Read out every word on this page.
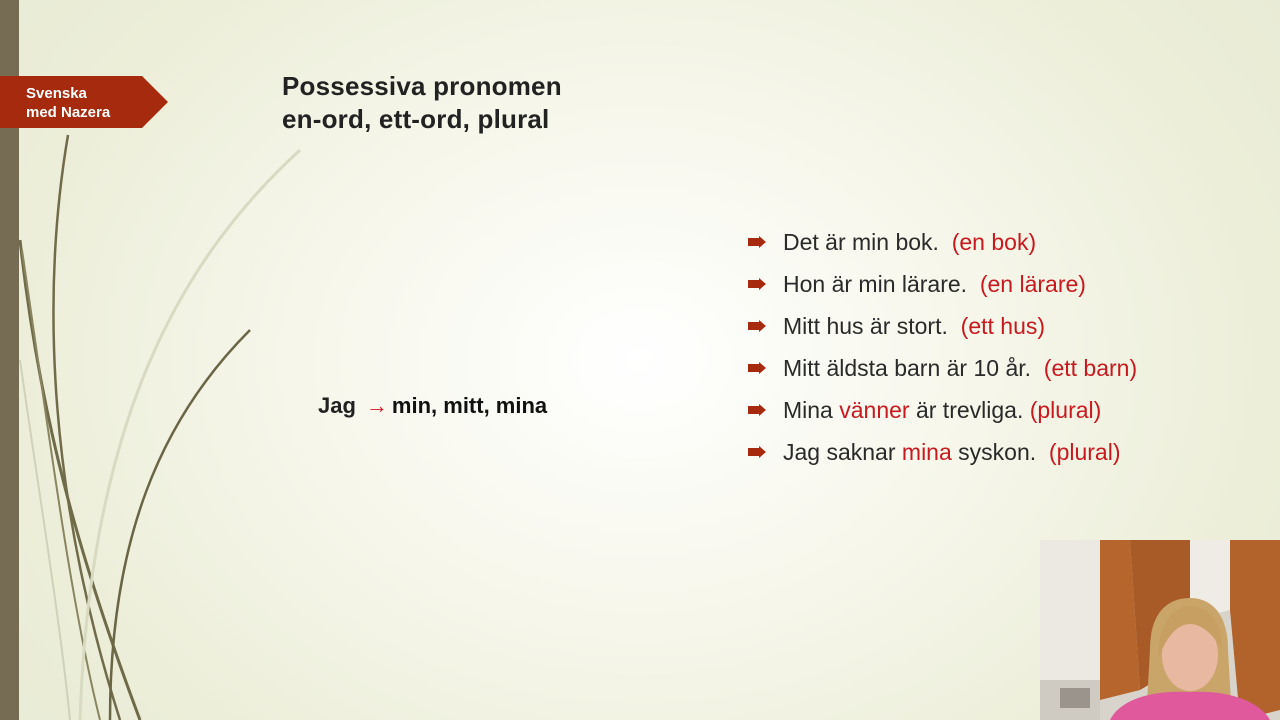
Svenska
med Nazera
Possessiva pronomen
en-ord, ett-ord, plural
Jag → min, mitt, mina
Det är min bok. (en bok)
Hon är min lärare. (en lärare)
Mitt hus är stort. (ett hus)
Mitt äldsta barn är 10 år. (ett barn)
Mina vänner är trevliga. (plural)
Jag saknar mina syskon. (plural)
